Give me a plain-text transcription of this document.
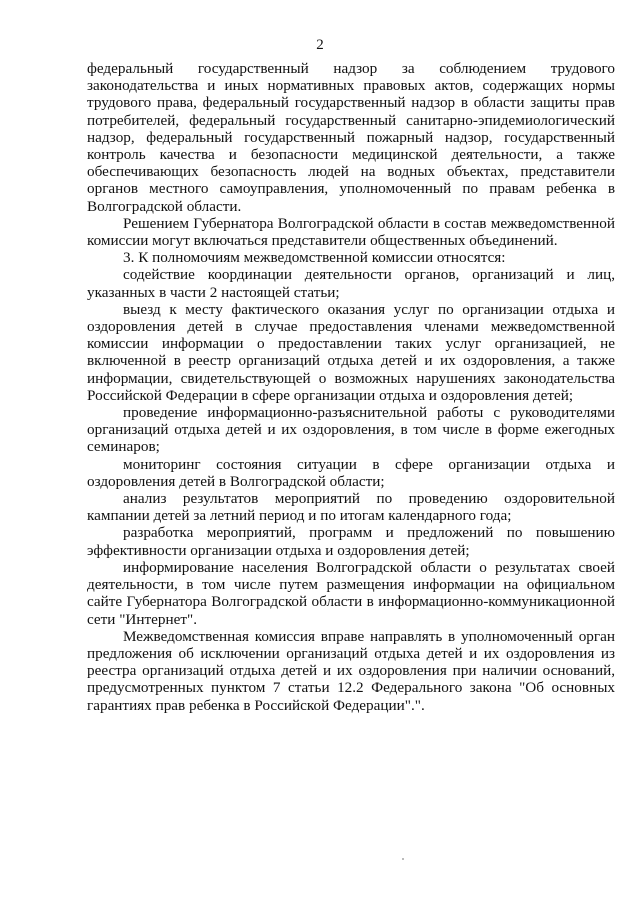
2

федеральный государственный надзор за соблюдением трудового законодательства и иных нормативных правовых актов, содержащих нормы трудового права, федеральный государственный надзор в области защиты прав потребителей, федеральный государственный санитарно-эпидемиологический надзор, федеральный государственный пожарный надзор, государственный контроль качества и безопасности медицинской деятельности, а также обеспечивающих безопасность людей на водных объектах, представители органов местного самоуправления, уполномоченный по правам ребенка в Волгоградской области.

Решением Губернатора Волгоградской области в состав межведомственной комиссии могут включаться представители общественных объединений.

3. К полномочиям межведомственной комиссии относятся:

содействие координации деятельности органов, организаций и лиц, указанных в части 2 настоящей статьи;

выезд к месту фактического оказания услуг по организации отдыха и оздоровления детей в случае предоставления членами межведомственной комиссии информации о предоставлении таких услуг организацией, не включенной в реестр организаций отдыха детей и их оздоровления, а также информации, свидетельствующей о возможных нарушениях законодательства Российской Федерации в сфере организации отдыха и оздоровления детей;

проведение информационно-разъяснительной работы с руководителями организаций отдыха детей и их оздоровления, в том числе в форме ежегодных семинаров;

мониторинг состояния ситуации в сфере организации отдыха и оздоровления детей в Волгоградской области;

анализ результатов мероприятий по проведению оздоровительной кампании детей за летний период и по итогам календарного года;

разработка мероприятий, программ и предложений по повышению эффективности организации отдыха и оздоровления детей;

информирование населения Волгоградской области о результатах своей деятельности, в том числе путем размещения информации на официальном сайте Губернатора Волгоградской области в информационно-коммуникационной сети "Интернет".

Межведомственная комиссия вправе направлять в уполномоченный орган предложения об исключении организаций отдыха детей и их оздоровления из реестра организаций отдыха детей и их оздоровления при наличии оснований, предусмотренных пунктом 7 статьи 12.2 Федерального закона "Об основных гарантиях прав ребенка в Российской Федерации".".
